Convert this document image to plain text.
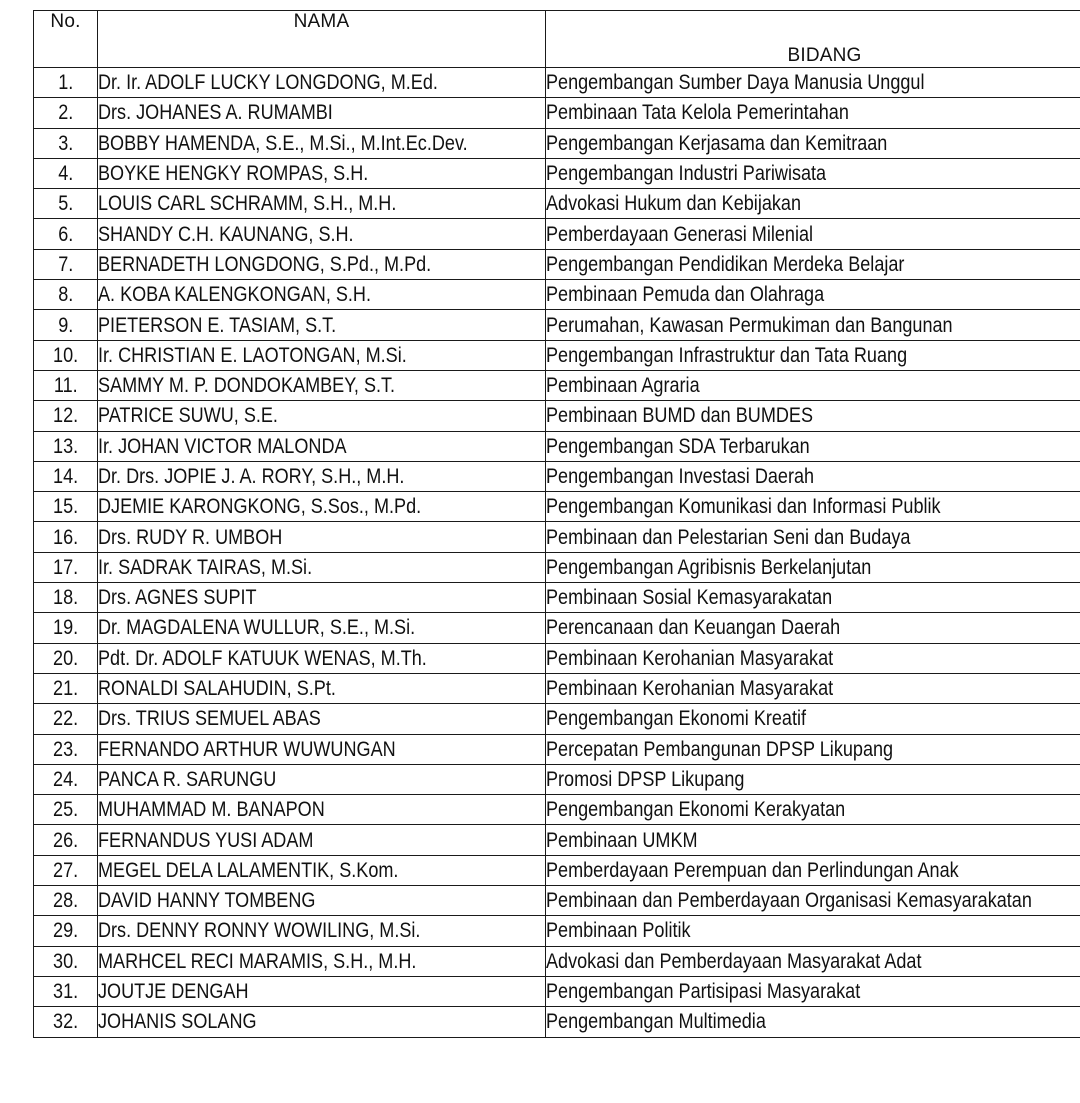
No.	NAMA	BIDANG
1.	Dr. Ir. ADOLF LUCKY LONGDONG, M.Ed.	Pengembangan Sumber Daya Manusia Unggul
2.	Drs. JOHANES A. RUMAMBI	Pembinaan Tata Kelola Pemerintahan
3.	BOBBY HAMENDA, S.E., M.Si., M.Int.Ec.Dev.	Pengembangan Kerjasama dan Kemitraan
4.	BOYKE HENGKY ROMPAS, S.H.	Pengembangan Industri Pariwisata
5.	LOUIS CARL SCHRAMM, S.H., M.H.	Advokasi Hukum dan Kebijakan
6.	SHANDY C.H. KAUNANG, S.H.	Pemberdayaan Generasi Milenial
7.	BERNADETH LONGDONG, S.Pd., M.Pd.	Pengembangan Pendidikan Merdeka Belajar
8.	A. KOBA KALENGKONGAN, S.H.	Pembinaan Pemuda dan Olahraga
9.	PIETERSON E. TASIAM, S.T.	Perumahan, Kawasan Permukiman dan Bangunan
10.	Ir. CHRISTIAN E. LAOTONGAN, M.Si.	Pengembangan Infrastruktur dan Tata Ruang
11.	SAMMY M. P. DONDOKAMBEY, S.T.	Pembinaan Agraria
12.	PATRICE SUWU, S.E.	Pembinaan BUMD dan BUMDES
13.	Ir. JOHAN VICTOR MALONDA	Pengembangan SDA Terbarukan
14.	Dr. Drs. JOPIE J. A. RORY, S.H., M.H.	Pengembangan Investasi Daerah
15.	DJEMIE KARONGKONG, S.Sos., M.Pd.	Pengembangan Komunikasi dan Informasi Publik
16.	Drs. RUDY R. UMBOH	Pembinaan dan Pelestarian Seni dan Budaya
17.	Ir. SADRAK TAIRAS, M.Si.	Pengembangan Agribisnis Berkelanjutan
18.	Drs. AGNES SUPIT	Pembinaan Sosial Kemasyarakatan
19.	Dr. MAGDALENA WULLUR, S.E., M.Si.	Perencanaan dan Keuangan Daerah
20.	Pdt. Dr. ADOLF KATUUK WENAS, M.Th.	Pembinaan Kerohanian Masyarakat
21.	RONALDI SALAHUDIN, S.Pt.	Pembinaan Kerohanian Masyarakat
22.	Drs. TRIUS SEMUEL ABAS	Pengembangan Ekonomi Kreatif
23.	FERNANDO ARTHUR WUWUNGAN	Percepatan Pembangunan DPSP Likupang
24.	PANCA R. SARUNGU	Promosi DPSP Likupang
25.	MUHAMMAD M. BANAPON	Pengembangan Ekonomi Kerakyatan
26.	FERNANDUS YUSI ADAM	Pembinaan UMKM
27.	MEGEL DELA LALAMENTIK, S.Kom.	Pemberdayaan Perempuan dan Perlindungan Anak
28.	DAVID HANNY TOMBENG	Pembinaan dan Pemberdayaan Organisasi Kemasyarakatan
29.	Drs. DENNY RONNY WOWILING, M.Si.	Pembinaan Politik
30.	MARHCEL RECI MARAMIS, S.H., M.H.	Advokasi dan Pemberdayaan Masyarakat Adat
31.	JOUTJE DENGAH	Pengembangan Partisipasi Masyarakat
32.	JOHANIS SOLANG	Pengembangan Multimedia
